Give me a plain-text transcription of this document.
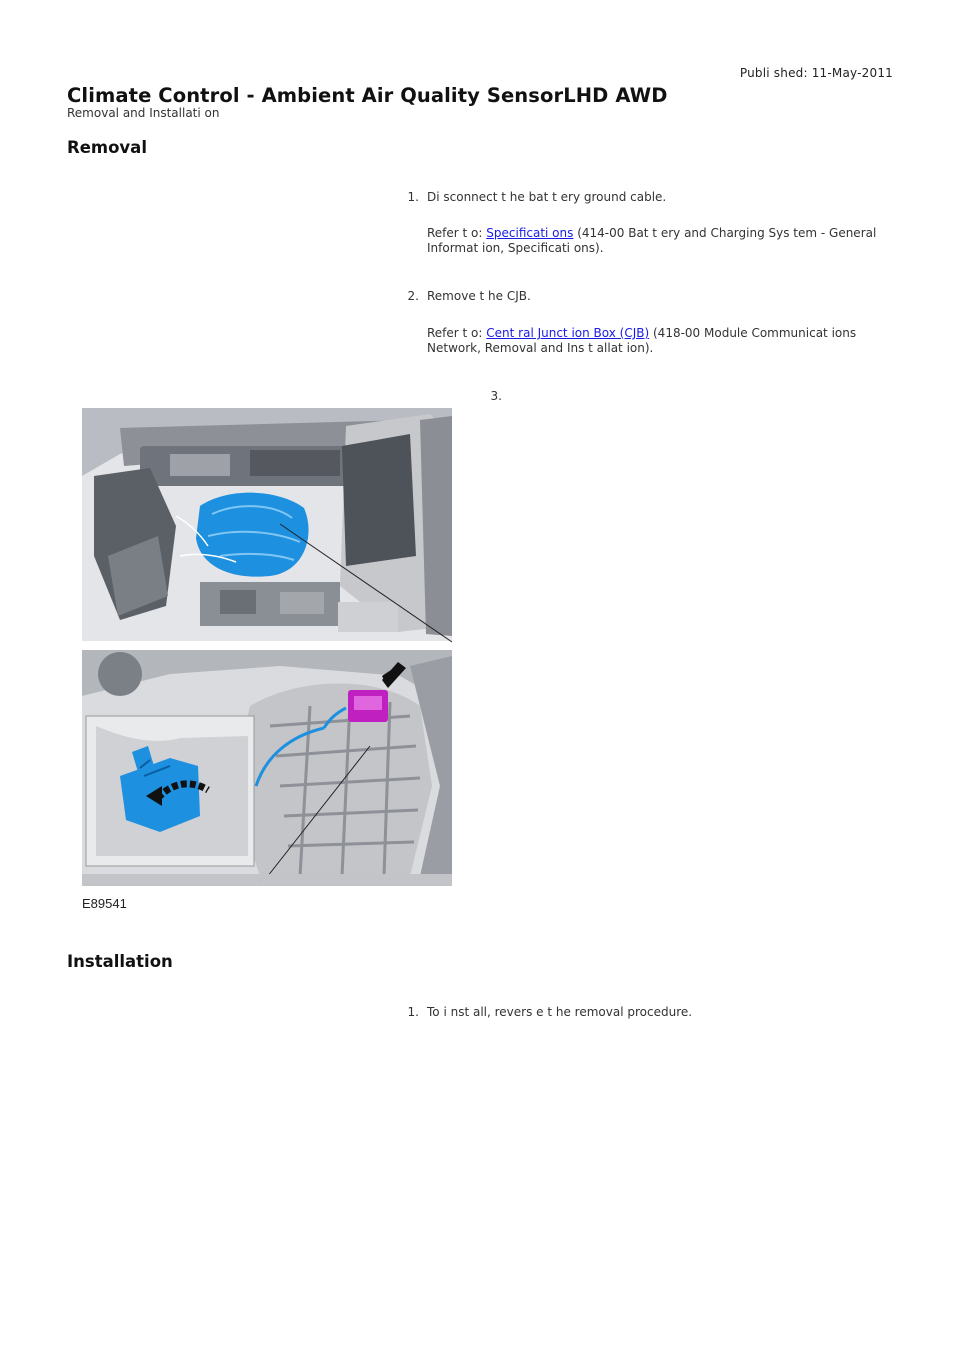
Publi shed: 11-May-2011
Climate Control - Ambient Air Quality SensorLHD AWD
Removal and Installati on
Removal
1. Di sconnect t he bat t ery ground cable.
Refer t o: Specificati ons (414-00 Bat t ery and Charging Sys tem - General Informat ion, Specificati ons).
2. Remove t he CJB.
Refer t o: Cent ral Junct ion Box (CJB) (418-00 Module Communicat ions Network, Removal and Ins t allat ion).
3.
E89541
Installation
1. To i nst all, revers e t he removal procedure.
